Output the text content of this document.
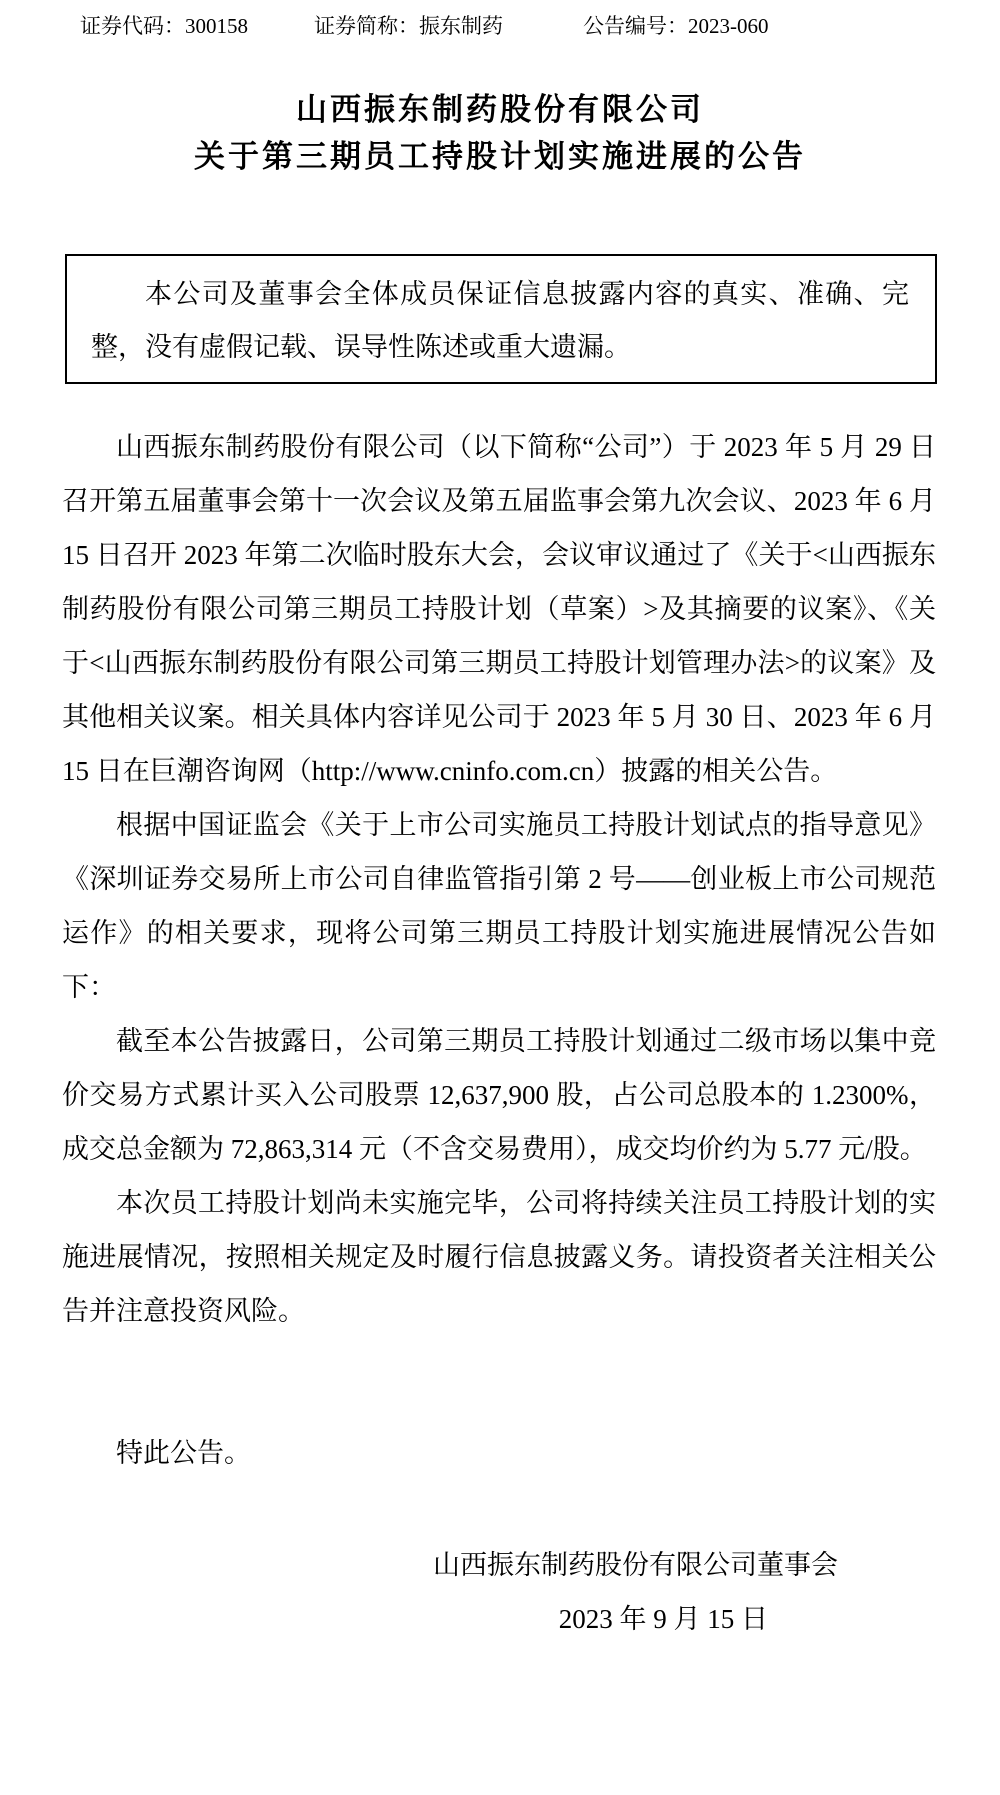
证券代码：300158	证券简称：振东制药	公告编号：2023-060
山西振东制药股份有限公司
关于第三期员工持股计划实施进展的公告
本公司及董事会全体成员保证信息披露内容的真实、准确、完整，没有虚假记载、误导性陈述或重大遗漏。

山西振东制药股份有限公司（以下简称“公司”）于 2023 年 5 月 29 日召开第五届董事会第十一次会议及第五届监事会第九次会议、2023 年 6 月 15 日召开 2023 年第二次临时股东大会，会议审议通过了《关于<山西振东制药股份有限公司第三期员工持股计划（草案）>及其摘要的议案》、《关于<山西振东制药股份有限公司第三期员工持股计划管理办法>的议案》及其他相关议案。相关具体内容详见公司于 2023 年 5 月 30 日、2023 年 6 月 15 日在巨潮咨询网（http://www.cninfo.com.cn）披露的相关公告。

根据中国证监会《关于上市公司实施员工持股计划试点的指导意见》《深圳证券交易所上市公司自律监管指引第 2 号——创业板上市公司规范运作》的相关要求，现将公司第三期员工持股计划实施进展情况公告如下：

截至本公告披露日，公司第三期员工持股计划通过二级市场以集中竞价交易方式累计买入公司股票 12,637,900 股，占公司总股本的 1.2300%，成交总金额为 72,863,314 元（不含交易费用），成交均价约为 5.77 元/股。

本次员工持股计划尚未实施完毕，公司将持续关注员工持股计划的实施进展情况，按照相关规定及时履行信息披露义务。请投资者关注相关公告并注意投资风险。

特此公告。
山西振东制药股份有限公司董事会
2023 年 9 月 15 日
